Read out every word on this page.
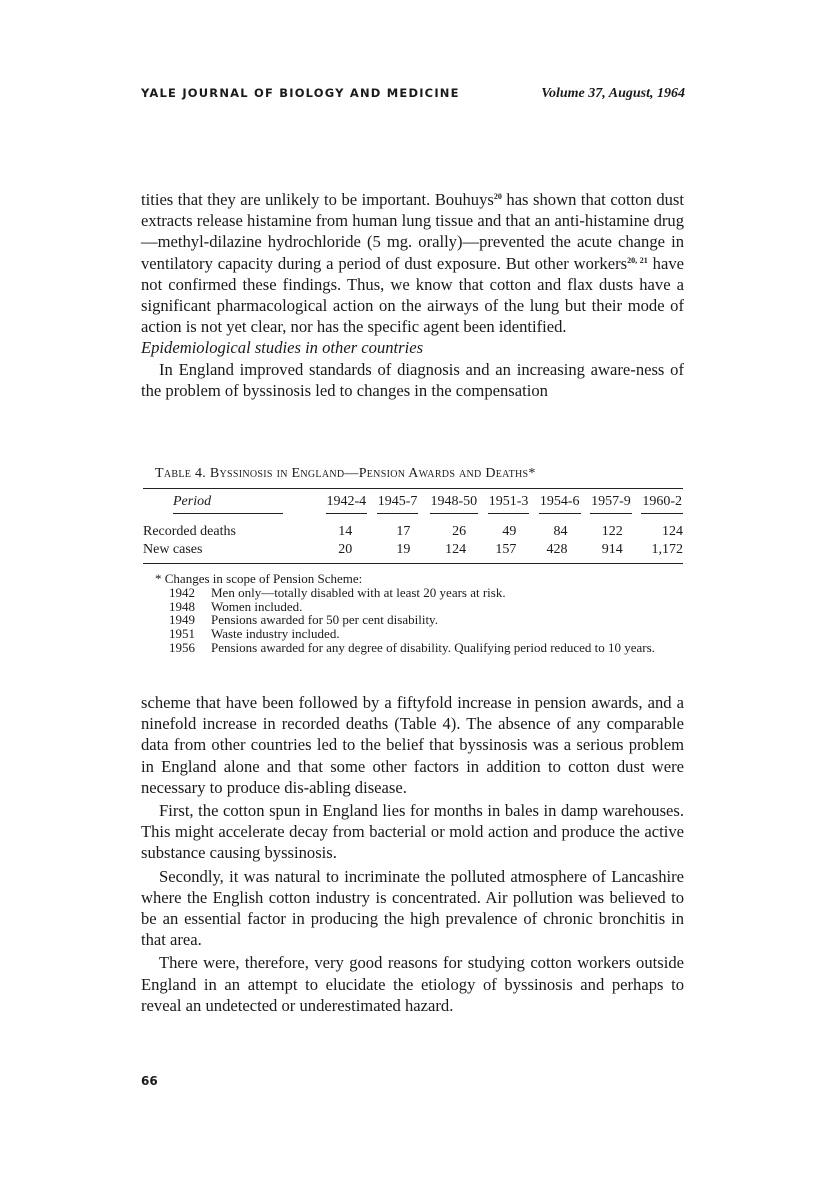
YALE JOURNAL OF BIOLOGY AND MEDICINE	Volume 37, August, 1964

tities that they are unlikely to be important. Bouhuys$^{20}$ has shown that cotton dust extracts release histamine from human lung tissue and that an anti-histamine drug—methyl-dilazine hydrochloride (5 mg. orally)—prevented the acute change in ventilatory capacity during a period of dust exposure. But other workers$^{20, 21}$ have not confirmed these findings. Thus, we know that cotton and flax dusts have a significant pharmacological action on the airways of the lung but their mode of action is not yet clear, nor has the specific agent been identified.

Epidemiological studies in other countries

In England improved standards of diagnosis and an increasing aware-ness of the problem of byssinosis led to changes in the compensation

Table 4. Byssinosis in England—Pension Awards and Deaths*
Period	1942-4	1945-7	1948-50	1951-3	1954-6	1957-9	1960-2
Recorded deaths	14	17	26	49	84	122	124
New cases	20	19	124	157	428	914	1,172
* Changes in scope of Pension Scheme:
1942	Men only—totally disabled with at least 20 years at risk.
1948	Women included.
1949	Pensions awarded for 50 per cent disability.
1951	Waste industry included.
1956	Pensions awarded for any degree of disability. Qualifying period reduced to 10 years.

scheme that have been followed by a fiftyfold increase in pension awards, and a ninefold increase in recorded deaths (Table 4). The absence of any comparable data from other countries led to the belief that byssinosis was a serious problem in England alone and that some other factors in addition to cotton dust were necessary to produce dis-abling disease.

First, the cotton spun in England lies for months in bales in damp warehouses. This might accelerate decay from bacterial or mold action and produce the active substance causing byssinosis.

Secondly, it was natural to incriminate the polluted atmosphere of Lancashire where the English cotton industry is concentrated. Air pollution was believed to be an essential factor in producing the high prevalence of chronic bronchitis in that area.

There were, therefore, very good reasons for studying cotton workers outside England in an attempt to elucidate the etiology of byssinosis and perhaps to reveal an undetected or underestimated hazard.

66
